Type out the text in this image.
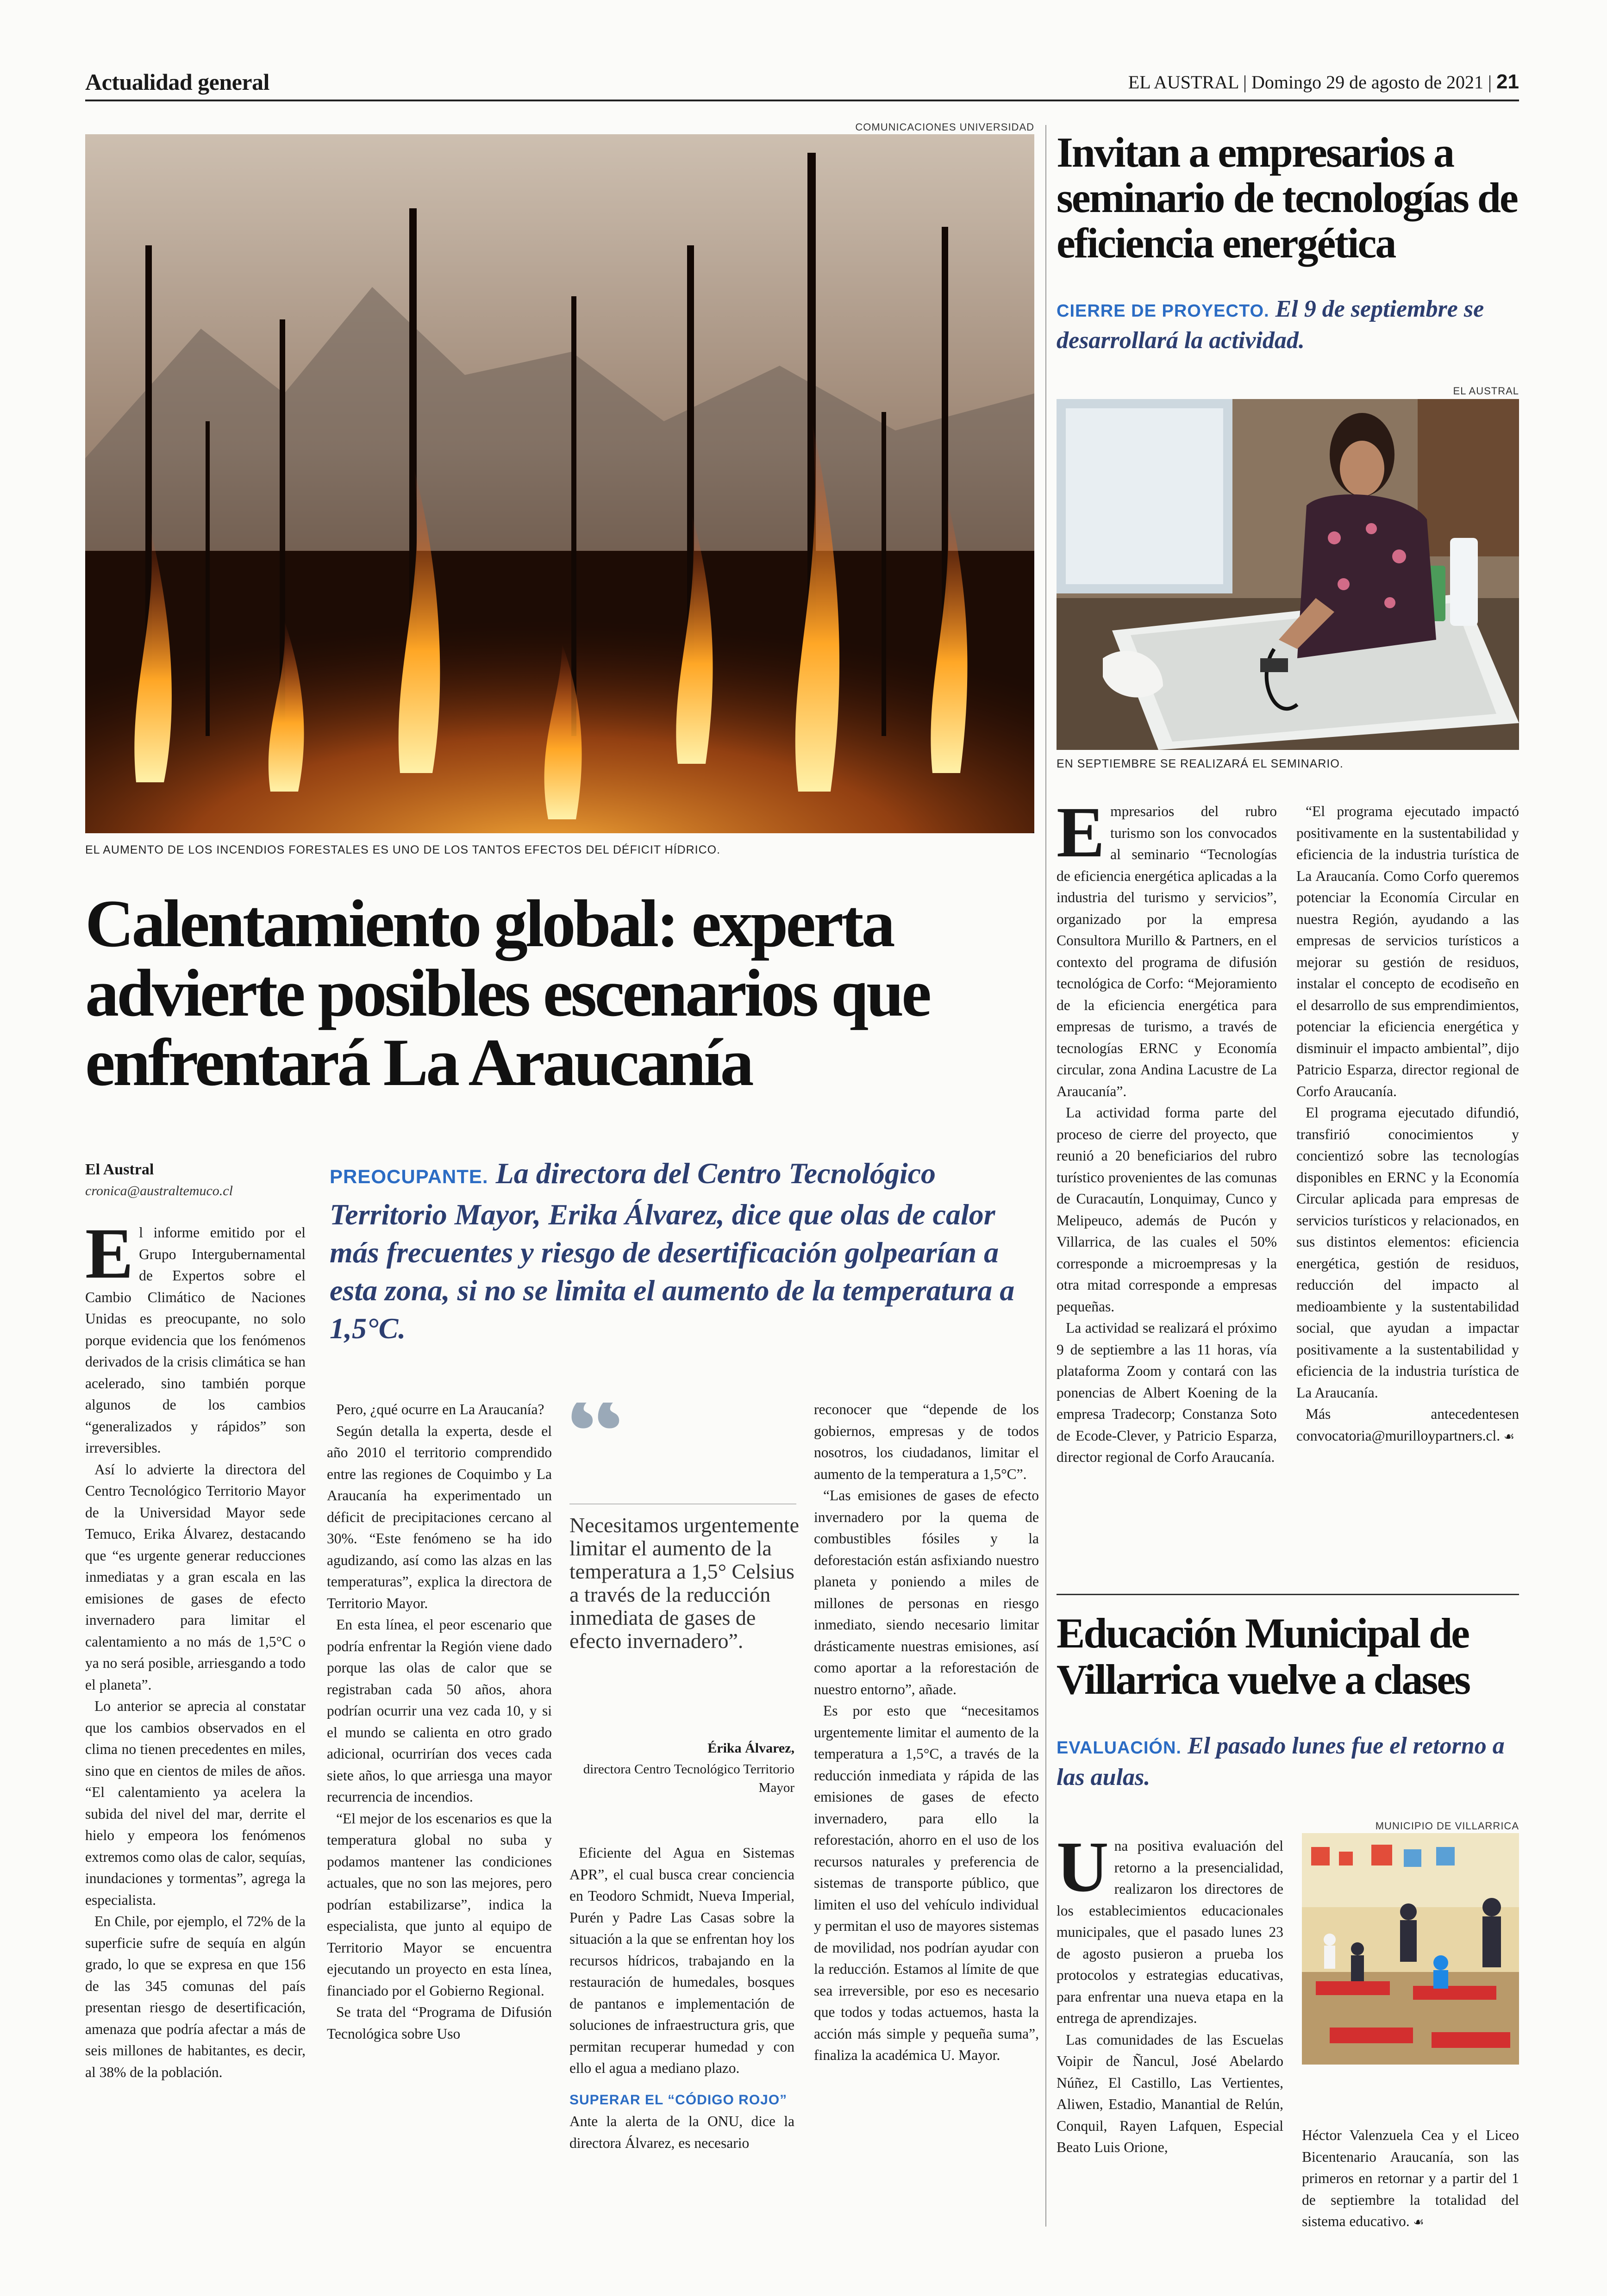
Actualidad general	EL AUSTRAL | Domingo 29 de agosto de 2021 | 21
COMUNICACIONES UNIVERSIDAD
EL AUMENTO DE LOS INCENDIOS FORESTALES ES UNO DE LOS TANTOS EFECTOS DEL DÉFICIT HÍDRICO.
Calentamiento global: experta advierte posibles escenarios que enfrentará La Araucanía
El Austral
cronica@australtemuco.cl
PREOCUPANTE. La directora del Centro Tecnológico Territorio Mayor, Erika Álvarez, dice que olas de calor más frecuentes y riesgo de desertificación golpearían a esta zona, si no se limita el aumento de la temperatura a 1,5°C.

El informe emitido por el Grupo Intergubernamental de Expertos sobre el Cambio Climático de Naciones Unidas es preocupante, no solo porque evidencia que los fenómenos derivados de la crisis climática se han acelerado, sino también porque algunos de los cambios “generalizados y rápidos” son irreversibles.

Así lo advierte la directora del Centro Tecnológico Territorio Mayor de la Universidad Mayor sede Temuco, Erika Álvarez, destacando que “es urgente generar reducciones inmediatas y a gran escala en las emisiones de gases de efecto invernadero para limitar el calentamiento a no más de 1,5°C o ya no será posible, arriesgando a todo el planeta”.

Lo anterior se aprecia al constatar que los cambios observados en el clima no tienen precedentes en miles, sino que en cientos de miles de años. “El calentamiento ya acelera la subida del nivel del mar, derrite el hielo y empeora los fenómenos extremos como olas de calor, sequías, inundaciones y tormentas”, agrega la especialista.

En Chile, por ejemplo, el 72% de la superficie sufre de sequía en algún grado, lo que se expresa en que 156 de las 345 comunas del país presentan riesgo de desertificación, amenaza que podría afectar a más de seis millones de habitantes, es decir, al 38% de la población.

Pero, ¿qué ocurre en La Araucanía?

Según detalla la experta, desde el año 2010 el territorio comprendido entre las regiones de Coquimbo y La Araucanía ha experimentado un déficit de precipitaciones cercano al 30%. “Este fenómeno se ha ido agudizando, así como las alzas en las temperaturas”, explica la directora de Territorio Mayor.

En esta línea, el peor escenario que podría enfrentar la Región viene dado porque las olas de calor que se registraban cada 50 años, ahora podrían ocurrir una vez cada 10, y si el mundo se calienta en otro grado adicional, ocurrirían dos veces cada siete años, lo que arriesga una mayor recurrencia de incendios.

“El mejor de los escenarios es que la temperatura global no suba y podamos mantener las condiciones actuales, que no son las mejores, pero podrían estabilizarse”, indica la especialista, que junto al equipo de Territorio Mayor se encuentra ejecutando un proyecto en esta línea, financiado por el Gobierno Regional.

Se trata del “Programa de Difusión Tecnológica sobre Uso

“
Necesitamos urgentemente limitar el aumento de la temperatura a 1,5° Celsius a través de la reducción inmediata de gases de efecto invernadero”.
Érika Álvarez,
directora Centro Tecnológico Territorio Mayor

Eficiente del Agua en Sistemas APR”, el cual busca crear conciencia en Teodoro Schmidt, Nueva Imperial, Purén y Padre Las Casas sobre la situación a la que se enfrentan hoy los recursos hídricos, trabajando en la restauración de humedales, bosques de pantanos e implementación de soluciones de infraestructura gris, que permitan recuperar humedad y con ello el agua a mediano plazo.

SUPERAR EL “CÓDIGO ROJO”

Ante la alerta de la ONU, dice la directora Álvarez, es necesario

reconocer que “depende de los gobiernos, empresas y de todos nosotros, los ciudadanos, limitar el aumento de la temperatura a 1,5°C”.

“Las emisiones de gases de efecto invernadero por la quema de combustibles fósiles y la deforestación están asfixiando nuestro planeta y poniendo a miles de millones de personas en riesgo inmediato, siendo necesario limitar drásticamente nuestras emisiones, así como aportar a la reforestación de nuestro entorno”, añade.

Es por esto que “necesitamos urgentemente limitar el aumento de la temperatura a 1,5°C, a través de la reducción inmediata y rápida de las emisiones de gases de efecto invernadero, para ello la reforestación, ahorro en el uso de los recursos naturales y preferencia de sistemas de transporte público, que limiten el uso del vehículo individual y permitan el uso de mayores sistemas de movilidad, nos podrían ayudar con la reducción. Estamos al límite de que sea irreversible, por eso es necesario que todos y todas actuemos, hasta la acción más simple y pequeña suma”, finaliza la académica U. Mayor.

Invitan a empresarios a seminario de tecnologías de eficiencia energética
CIERRE DE PROYECTO. El 9 de septiembre se desarrollará la actividad.
EL AUSTRAL
EN SEPTIEMBRE SE REALIZARÁ EL SEMINARIO.

Empresarios del rubro turismo son los convocados al seminario “Tecnologías de eficiencia energética aplicadas a la industria del turismo y servicios”, organizado por la empresa Consultora Murillo & Partners, en el contexto del programa de difusión tecnológica de Corfo: “Mejoramiento de la eficiencia energética para empresas de turismo, a través de tecnologías ERNC y Economía circular, zona Andina Lacustre de La Araucanía”.

La actividad forma parte del proceso de cierre del proyecto, que reunió a 20 beneficiarios del rubro turístico provenientes de las comunas de Curacautín, Lonquimay, Cunco y Melipeuco, además de Pucón y Villarrica, de las cuales el 50% corresponde a microempresas y la otra mitad corresponde a empresas pequeñas.

La actividad se realizará el próximo 9 de septiembre a las 11 horas, vía plataforma Zoom y contará con las ponencias de Albert Koening de la empresa Tradecorp; Constanza Soto de Ecode-Clever, y Patricio Esparza, director regional de Corfo Araucanía.

“El programa ejecutado impactó positivamente en la sustentabilidad y eficiencia de la industria turística de La Araucanía. Como Corfo queremos potenciar la Economía Circular en nuestra Región, ayudando a las empresas de servicios turísticos a mejorar su gestión de residuos, instalar el concepto de ecodiseño en el desarrollo de sus emprendimientos, potenciar la eficiencia energética y disminuir el impacto ambiental”, dijo Patricio Esparza, director regional de Corfo Araucanía.

El programa ejecutado difundió, transfirió conocimientos y concientizó sobre las tecnologías disponibles en ERNC y la Economía Circular aplicada para empresas de servicios turísticos y relacionados, en sus distintos elementos: eficiencia energética, gestión de residuos, reducción del impacto al medioambiente y la sustentabilidad social, que ayudan a impactar positivamente a la sustentabilidad y eficiencia de la industria turística de La Araucanía.

Más antecedentesen convocatoria@murilloypartners.cl. ☙

Educación Municipal de Villarrica vuelve a clases
EVALUACIÓN. El pasado lunes fue el retorno a las aulas.

Una positiva evaluación del retorno a la presencialidad, realizaron los directores de los establecimientos educacionales municipales, que el pasado lunes 23 de agosto pusieron a prueba los protocolos y estrategias educativas, para enfrentar una nueva etapa en la entrega de aprendizajes.

Las comunidades de las Escuelas Voipir de Ñancul, José Abelardo Núñez, El Castillo, Las Vertientes, Aliwen, Estadio, Manantial de Relún, Conquil, Rayen Lafquen, Especial Beato Luis Orione,

MUNICIPIO DE VILLARRICA

Héctor Valenzuela Cea y el Liceo Bicentenario Araucanía, son las primeros en retornar y a partir del 1 de septiembre la totalidad del sistema educativo. ☙
